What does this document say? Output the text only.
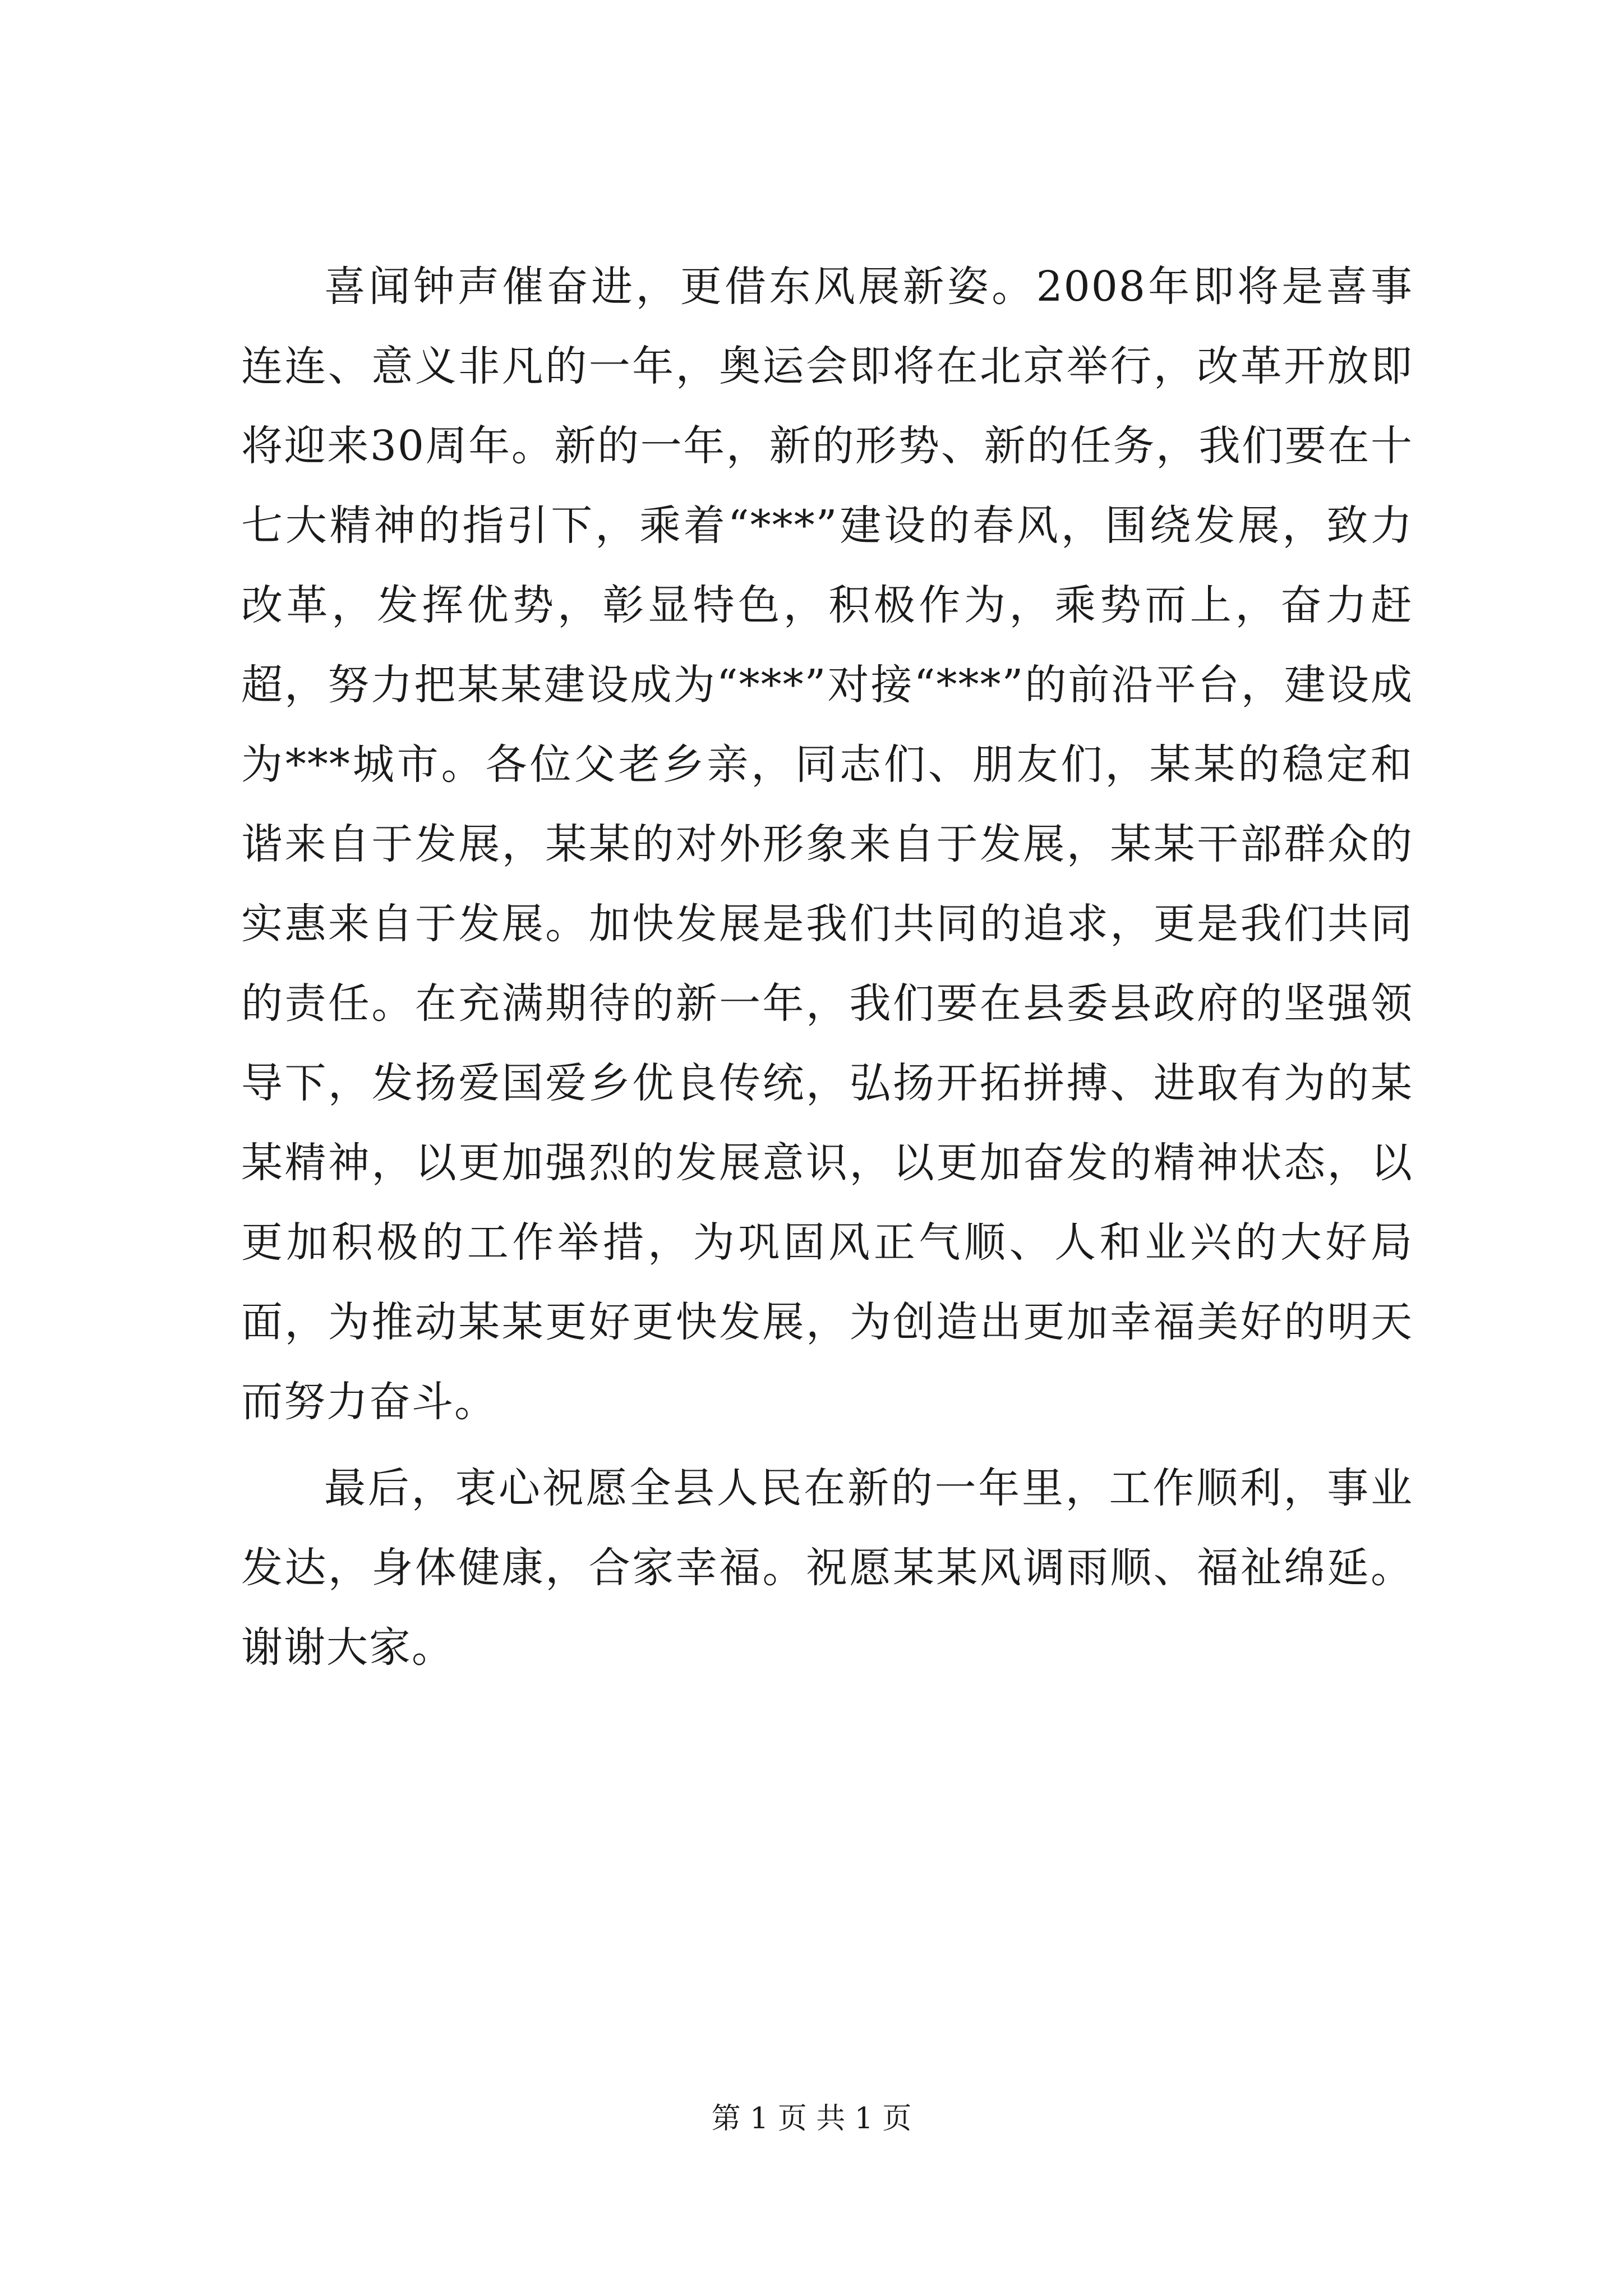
喜闻钟声催奋进，更借东风展新姿。2008年即将是喜事连连、意义非凡的一年，奥运会即将在北京举行，改革开放即将迎来30周年。新的一年，新的形势、新的任务，我们要在十七大精神的指引下，乘着“***”建设的春风，围绕发展，致力改革，发挥优势，彰显特色，积极作为，乘势而上，奋力赶超，努力把某某建设成为“***”对接“***”的前沿平台，建设成为***城市。各位父老乡亲，同志们、朋友们，某某的稳定和谐来自于发展，某某的对外形象来自于发展，某某干部群众的实惠来自于发展。加快发展是我们共同的追求，更是我们共同的责任。在充满期待的新一年，我们要在县委县政府的坚强领导下，发扬爱国爱乡优良传统，弘扬开拓拼搏、进取有为的某某精神，以更加强烈的发展意识，以更加奋发的精神状态，以更加积极的工作举措，为巩固风正气顺、人和业兴的大好局面，为推动某某更好更快发展，为创造出更加幸福美好的明天而努力奋斗。

最后，衷心祝愿全县人民在新的一年里，工作顺利，事业发达，身体健康，合家幸福。祝愿某某风调雨顺、福祉绵延。谢谢大家。

第 1 页 共 1 页
